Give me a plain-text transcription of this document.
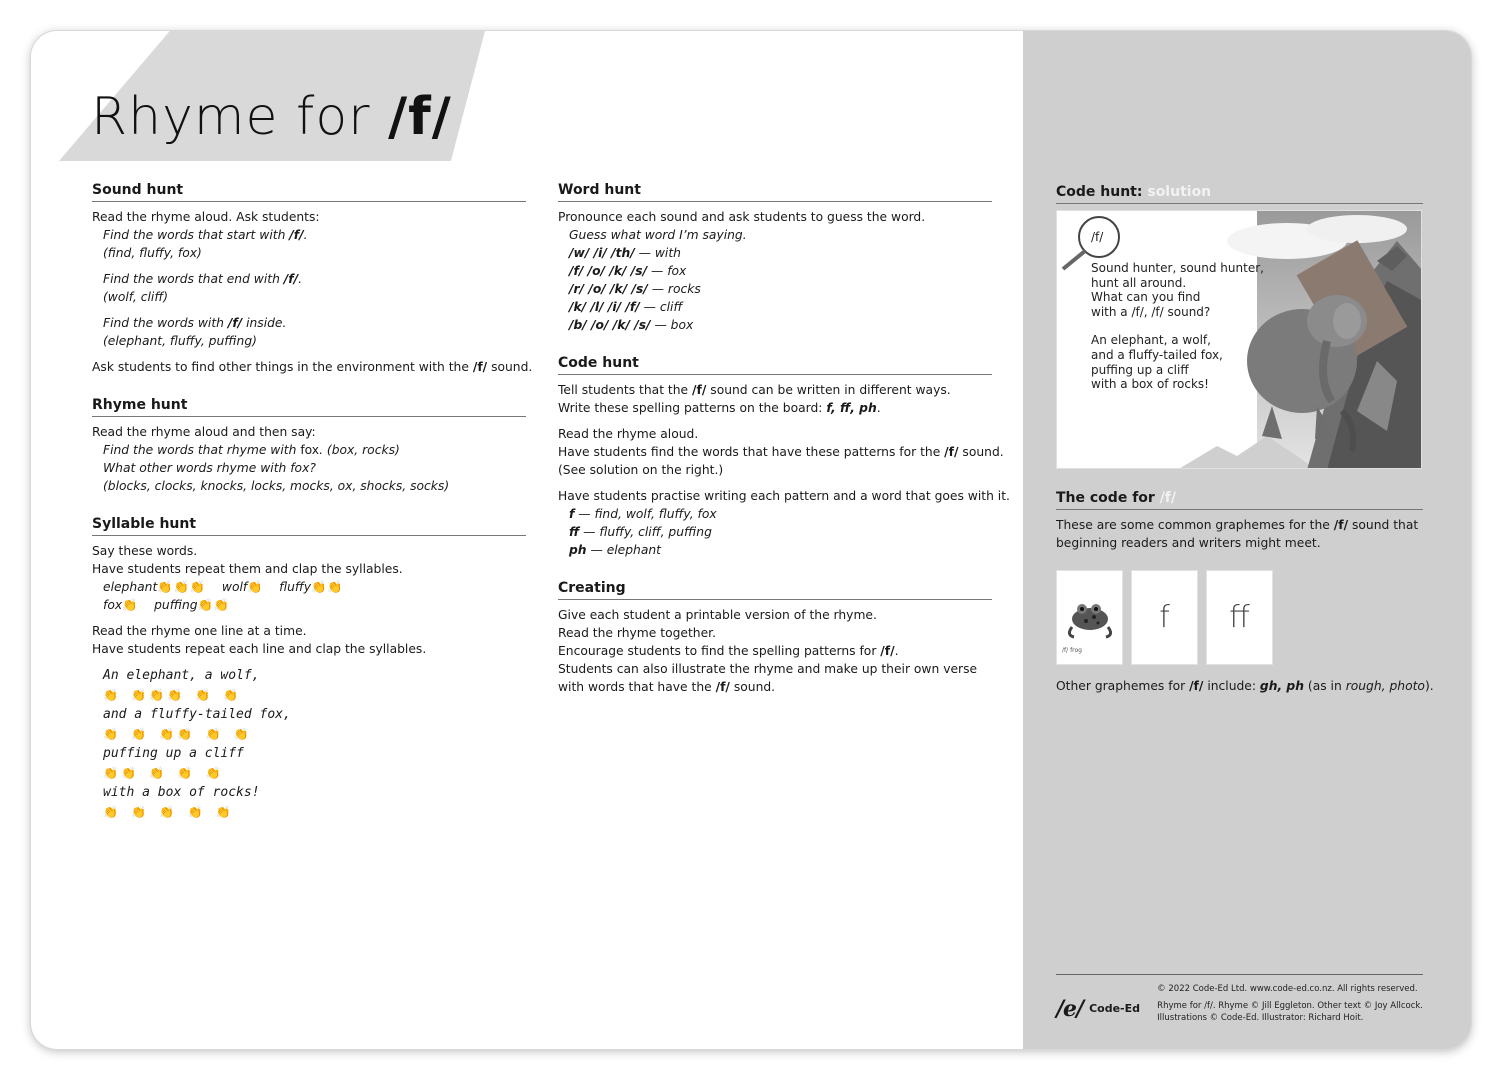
Rhyme for /f/
Sound hunt
Read the rhyme aloud. Ask students:
Find the words that start with /f/.
(find, fluffy, fox)
Find the words that end with /f/.
(wolf, cliff)
Find the words with /f/ inside.
(elephant, fluffy, puffing)
Ask students to find other things in the environment with the /f/ sound.
Rhyme hunt
Read the rhyme aloud and then say:
Find the words that rhyme with fox. (box, rocks)
What other words rhyme with fox?
(blocks, clocks, knocks, locks, mocks, ox, shocks, socks)
Syllable hunt
Say these words.
Have students repeat them and clap the syllables.
elephant👏👏👏 wolf👏 fluffy👏👏
fox👏 puffing👏👏
Read the rhyme one line at a time.
Have students repeat each line and clap the syllables.
An elephant, a wolf,
👏 👏👏👏 👏 👏
and a fluffy-tailed fox,
👏 👏 👏👏 👏 👏
puffing up a cliff
👏👏 👏 👏 👏
with a box of rocks!
👏 👏 👏 👏 👏
Word hunt
Pronounce each sound and ask students to guess the word.
Guess what word I’m saying.
/w/ /i/ /th/ — with
/f/ /o/ /k/ /s/ — fox
/r/ /o/ /k/ /s/ — rocks
/k/ /l/ /i/ /f/ — cliff
/b/ /o/ /k/ /s/ — box
Code hunt
Tell students that the /f/ sound can be written in different ways.
Write these spelling patterns on the board: f, ff, ph.
Read the rhyme aloud.
Have students find the words that have these patterns for the /f/ sound.
(See solution on the right.)
Have students practise writing each pattern and a word that goes with it.
f — find, wolf, fluffy, fox
ff — fluffy, cliff, puffing
ph — elephant
Creating
Give each student a printable version of the rhyme.
Read the rhyme together.
Encourage students to find the spelling patterns for /f/.
Students can also illustrate the rhyme and make up their own verse
with words that have the /f/ sound.
Code hunt: solution
/f/
Sound hunter, sound hunter,
hunt all around.
What can you find
with a /f/, /f/ sound?
An elephant, a wolf,
and a fluffy-tailed fox,
puffing up a cliff
with a box of rocks!
The code for /f/
These are some common graphemes for the /f/ sound that beginning readers and writers might meet.
/f/ frog
f ff
Other graphemes for /f/ include: gh, ph (as in rough, photo).
/e/ Code-Ed
© 2022 Code-Ed Ltd. www.code-ed.co.nz. All rights reserved.
Rhyme for /f/. Rhyme © Jill Eggleton. Other text © Joy Allcock.
Illustrations © Code-Ed. Illustrator: Richard Hoit.
